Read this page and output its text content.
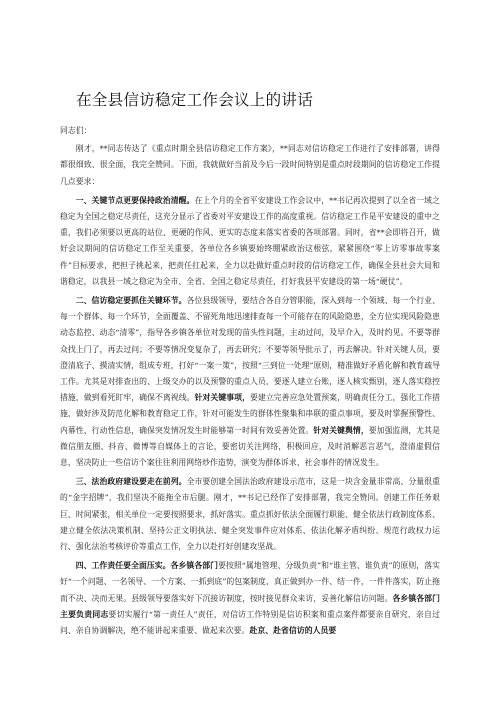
在全县信访稳定工作会议上的讲话

同志们：

刚才，**同志传达了《重点时期全县信访稳定工作方案》，**同志对信访稳定工作进行了安排部署，讲得都很细致、很全面，我完全赞同。下面，我就做好当前及今后一段时间特别是重点时段期间的信访稳定工作提几点要求：

一、关键节点更要保持政治清醒。在上个月的全省平安建设工作会议中，**书记再次提到了以全省一域之稳定为全国之稳定尽责任，这充分显示了省委对平安建设工作的高度重视。信访稳定工作是平安建设的重中之重，我们必须要以更高的站位、更硬的作风、更实的态度来落实省委的各项部署。同时，省**会即将召开，做好会议期间的信访稳定工作至关重要，各单位各乡镇要始终绷紧政治这根弦，紧紧围绕“零上访零事故零案件”目标要求，把担子挑起来，把责任扛起来，全力以赴做好重点时段的信访稳定工作，确保全县社会大局和谐稳定，以我县一域之稳定为全市、全省、全国之稳定尽责任，打好我县平安建设的第一场“硬仗”。

二、信访稳定要抓住关键环节。各位县级领导，要结合各自分管职能，深入到每一个领域、每一个行业、每一个群体、每一个环节，全面覆盖、不留死角地迅速排查每一个可能存在的风险隐患，全方位实现风险隐患动态监控、动态“清零”，指导各乡镇各单位对发现的苗头性问题，主动过问，及早介入，及时约见。不要等群众找上门了，再去过问；不要等情况变复杂了，再去研究；不要等领导批示了，再去解决。针对关键人员，要澄清底子、摸清实情，组成专班，打好“一案一策”，按照“三到位一处理”原则，精准做好矛盾化解和教育疏导工作。尤其是对排查出的、上级交办的以及预警的重点人员，要逐人建立台账，逐人核实甄别，逐人落实稳控措施，做到看死盯牢，确保不离视线。针对关键事项，要建立完善应急处置预案，明确责任分工，强化工作措施，做好涉及防范化解和教育稳定工作，针对可能发生的群体性聚集和串联的重点事项，要及时掌握预警性、内幕性、行动性信息，确保突发情况发生时能够第一时间有效妥善处置。针对关键舆情，要加强监测，尤其是微信朋友圈、抖音、微博等自媒体上的言论，要密切关注网络，积极回应，及时消解恶言恶气，澄清虚假信息，坚决防止一些信访个案往往利用网络炒作造势，演变为群体诉求、社会事件的情况发生。

三、法治政府建设要走在前列。全市要创建全国法治政府建设示范市，这是一块含金量非常高、分量很重的“金字招牌”，我们坚决不能拖全市后腿。刚才，**书记已经作了安排部署，我完全赞同。创建工作任务艰巨、时间紧张，相关单位一定要按照要求，抓好落实。重点抓好依法全面履行职能、健全依法行政制度体系、建立健全依法决策机制、坚持公正文明执法、健全突发事件应对体系、依法化解矛盾纠纷、规范行政权力运行、强化法治考核评价等重点工作，全力以赴打好创建攻坚战。

四、工作责任要全面压实。各乡镇各部门要按照“属地管理、分级负责”和“谁主管、谁负责”的原则，落实好“一个问题、一名领导、一个方案、一抓到底”的包案制度，真正做到办一件、结一件，一件件落实，防止拖而不决、决而无果。县级领导要落实好下沉接访制度，按时接见群众来访，妥善化解信访问题。各乡镇各部门主要负责同志要切实履行“第一责任人”责任，对信访工作特别是信访积案和重点案件都要亲自研究、亲自过问、亲自协调解决，绝不能讲起来重要、做起来次要。赴京、赴省信访的人员要
